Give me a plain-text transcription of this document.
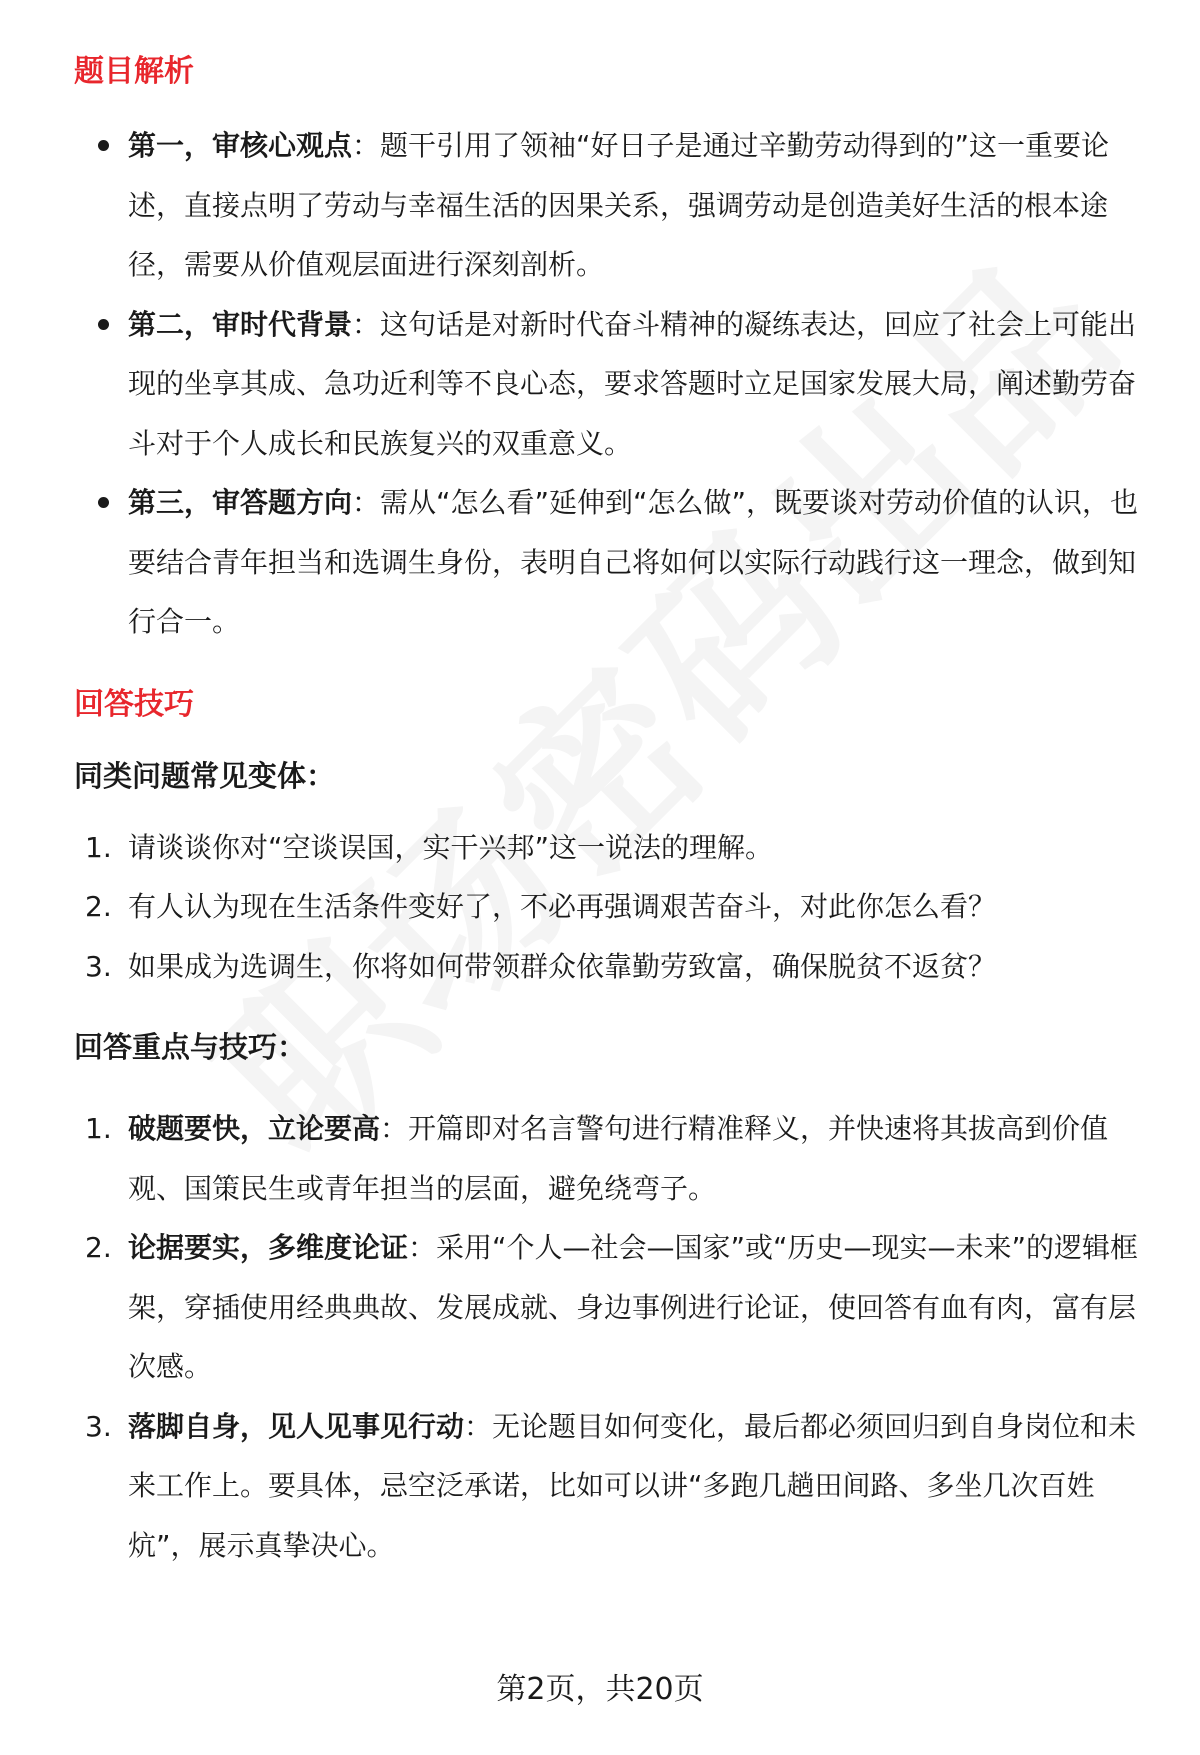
题目解析
第一，审核心观点：题干引用了领袖“好日子是通过辛勤劳动得到的”这一重要论述，直接点明了劳动与幸福生活的因果关系，强调劳动是创造美好生活的根本途径，需要从价值观层面进行深刻剖析。
第二，审时代背景：这句话是对新时代奋斗精神的凝练表达，回应了社会上可能出现的坐享其成、急功近利等不良心态，要求答题时立足国家发展大局，阐述勤劳奋斗对于个人成长和民族复兴的双重意义。
第三，审答题方向：需从“怎么看”延伸到“怎么做”，既要谈对劳动价值的认识，也要结合青年担当和选调生身份，表明自己将如何以实际行动践行这一理念，做到知行合一。
回答技巧
同类问题常见变体：
1. 请谈谈你对“空谈误国，实干兴邦”这一说法的理解。
2. 有人认为现在生活条件变好了，不必再强调艰苦奋斗，对此你怎么看？
3. 如果成为选调生，你将如何带领群众依靠勤劳致富，确保脱贫不返贫？
回答重点与技巧：
1. 破题要快，立论要高：开篇即对名言警句进行精准释义，并快速将其拔高到价值观、国策民生或青年担当的层面，避免绕弯子。
2. 论据要实，多维度论证：采用“个人—社会—国家”或“历史—现实—未来”的逻辑框架，穿插使用经典典故、发展成就、身边事例进行论证，使回答有血有肉，富有层次感。
3. 落脚自身，见人见事见行动：无论题目如何变化，最后都必须回归到自身岗位和未来工作上。要具体，忌空泛承诺，比如可以讲“多跑几趟田间路、多坐几次百姓炕”，展示真挚决心。
第2页，共20页
